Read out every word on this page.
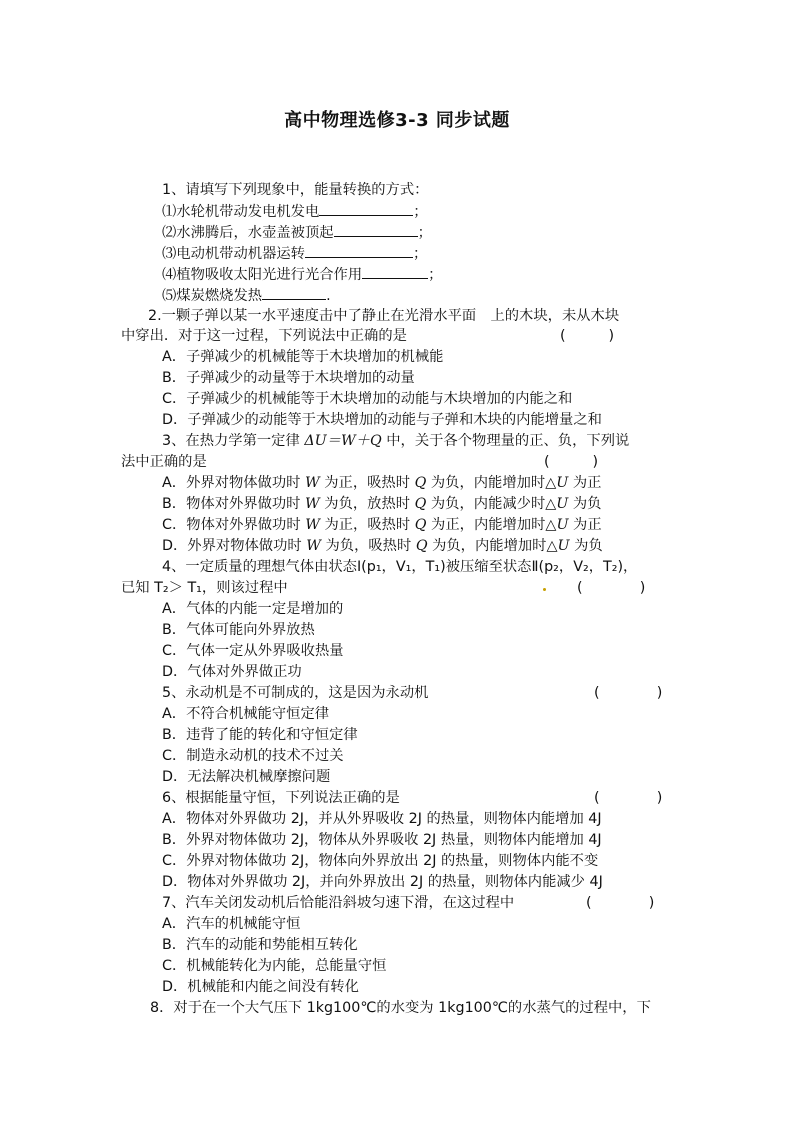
高中物理选修3-3 同步试题
1、请填写下列现象中，能量转换的方式：
⑴水轮机带动发电机发电	；
⑵水沸腾后，水壶盖被顶起	；
⑶电动机带动机器运转	；
⑷植物吸收太阳光进行光合作用	；
⑸煤炭燃烧发热	.
2.一颗子弹以某一水平速度击中了静止在光滑水平面　上的木块，未从木块
中穿出．对于这一过程，下列说法中正确的是	(　　　)
A．子弹减少的机械能等于木块增加的机械能
B．子弹减少的动量等于木块增加的动量
C．子弹减少的机械能等于木块增加的动能与木块增加的内能之和
D．子弹减少的动能等于木块增加的动能与子弹和木块的内能增量之和
3、在热力学第一定律 ΔU＝W＋Q 中，关于各个物理量的正、负，下列说
法中正确的是	(　　　)
A．外界对物体做功时 W 为正，吸热时 Q 为负，内能增加时△U 为正
B．物体对外界做功时 W 为负，放热时 Q 为负，内能减少时△U 为负
C．物体对外界做功时 W 为正，吸热时 Q 为正，内能增加时△U 为正
D．外界对物体做功时 W 为负，吸热时 Q 为负，内能增加时△U 为负
4、一定质量的理想气体由状态Ⅰ(p₁，V₁，T₁)被压缩至状态Ⅱ(p₂，V₂，T₂)，
已知 T₂＞ T₁，则该过程中	(　　　　)
A．气体的内能一定是增加的
B．气体可能向外界放热
C．气体一定从外界吸收热量
D．气体对外界做正功
5、永动机是不可制成的，这是因为永动机	(　　　　)
A．不符合机械能守恒定律
B．违背了能的转化和守恒定律
C．制造永动机的技术不过关
D．无法解决机械摩擦问题
6、根据能量守恒，下列说法正确的是	(　　　　)
A．物体对外界做功 2J，并从外界吸收 2J 的热量，则物体内能增加 4J
B．外界对物体做功 2J，物体从外界吸收 2J 热量，则物体内能增加 4J
C．外界对物体做功 2J，物体向外界放出 2J 的热量，则物体内能不变
D．物体对外界做功 2J，并向外界放出 2J 的热量，则物体内能减少 4J
7、汽车关闭发动机后恰能沿斜坡匀速下滑，在这过程中	(　　　　)
A．汽车的机械能守恒
B．汽车的动能和势能相互转化
C．机械能转化为内能，总能量守恒
D．机械能和内能之间没有转化
8．对于在一个大气压下 1kg100℃的水变为 1kg100℃的水蒸气的过程中，下
